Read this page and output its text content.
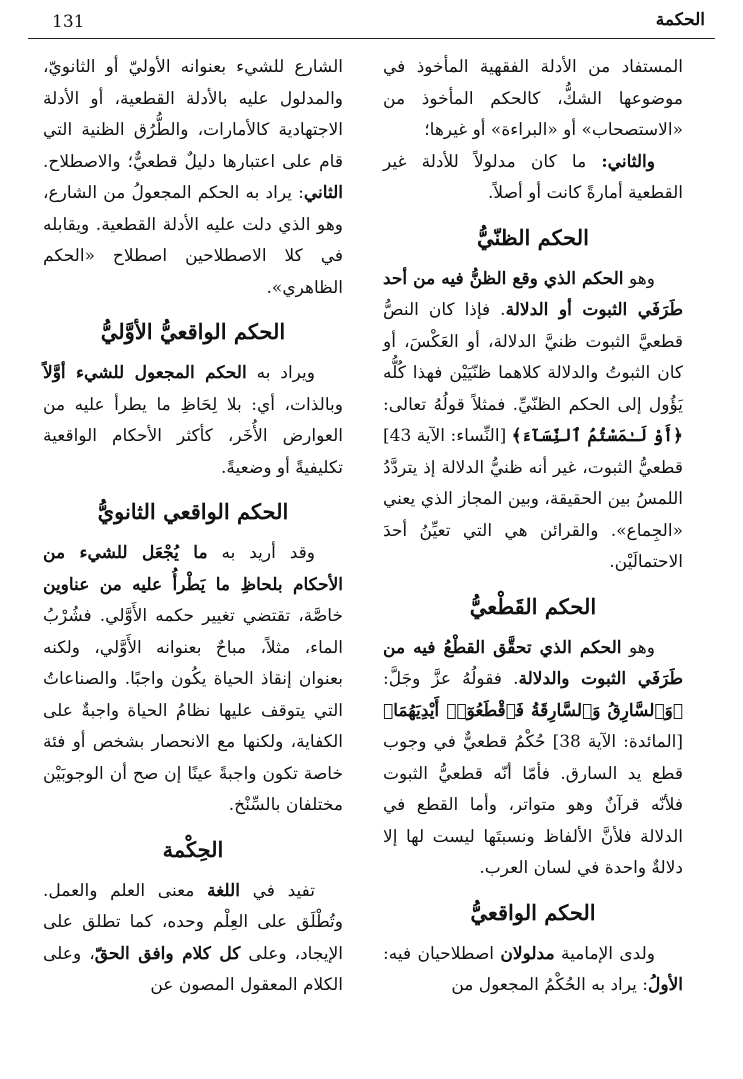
131	الحكمة

المستفاد من الأدلة الفقهية المأخوذ في موضوعها الشكُّ، كالحكم المأخوذ من «الاستصحاب» أو «البراءة» أو غيرها؛

والثاني: ما كان مدلولاً للأدلة غير القطعية أمارةً كانت أو أصلاً.

الحكم الظنّيُّ

وهو الحكم الذي وقع الظنُّ فيه من أحد طَرَفَي الثبوت أو الدلالة. فإذا كان النصُّ قطعيَّ الثبوت ظنيَّ الدلالة، أو العَكْسَ، أو كان الثبوتُ والدلالة كلاهما ظنّيَيْن فهذا كُلُّه يَؤُول إلى الحكم الظنّيِّ. فمثلاً قولُهُ تعالى: ﴿أَوْ لَـٰمَسْتُمُ ٱلنِّسَآءَ﴾ [النِّساء: الآية 43] قطعيُّ الثبوت، غير أنه ظنيُّ الدلالة إذ يتردَّدُ اللمسُ بين الحقيقة، وبين المجاز الذي يعني «الجِماع». والقرائن هي التي تعيِّنُ أحدَ الاحتمالَيْن.

الحكم القَطْعيُّ

وهو الحكم الذي تحقَّق القطْعُ فيه من طَرَفَي الثبوت والدلالة. فقولُهُ عزَّ وجَلَّ: ﴿وَٱلسَّارِقُ وَٱلسَّارِقَةُ فَٱقْطَعُوٓا۟ أَيْدِيَهُمَا﴾ [المائدة: الآية 38] حُكْمُ قطعيٌّ في وجوب قطع يد السارق. فأمّا أنّه قطعيُّ الثبوت فلأنّه قرآنٌ وهو متواتر، وأما القطع في الدلالة فلأنَّ الألفاظ ونسبتَها ليست لها إلا دلالةٌ واحدة في لسان العرب.

الحكم الواقعيُّ

ولدى الإمامية مدلولان اصطلاحيان فيه: الأولُ: يراد به الحُكْمُ المجعول من

الشارع للشيء بعنوانه الأوليّ أو الثانويّ، والمدلول عليه بالأدلة القطعية، أو الأدلة الاجتهادية كالأمارات، والطُّرُق الظنية التي قام على اعتبارها دليلٌ قطعيٌّ؛ والاصطلاح. الثاني: يراد به الحكم المجعولُ من الشارع، وهو الذي دلت عليه الأدلة القطعية. ويقابله في كلا الاصطلاحين اصطلاح «الحكم الظاهري».

الحكم الواقعيُّ الأوَّليُّ

ويراد به الحكم المجعول للشيء أوَّلاً وبالذات، أي: بلا لِحَاظِ ما يطرأ عليه من العوارض الأُخَر، كأكثر الأحكام الواقعية تكليفيةً أو وضعيةً.

الحكم الواقعي الثانويُّ

وقد أريد به ما يُجْعَل للشيء من الأحكام بلحاظِ ما يَطْرأُ عليه من عناوين خاصَّة، تقتضي تغيير حكمه الأَوَّلي. فشُرْبُ الماء، مثلاً، مباحٌ بعنوانه الأَوَّلي، ولكنه بعنوان إنقاذ الحياة يكُون واجبًا. والصناعاتُ التي يتوقف عليها نظامُ الحياة واجبةٌ على الكفاية، ولكنها مع الانحصار بشخص أو فئة خاصة تكون واجبةً عينًا إن صح أن الوجوبَيْن مختلفان بالسِّنْخ.

الحِكْمة

تفيد في اللغة معنى العلم والعمل. وتُطْلَق على العِلْم وحده، كما تطلق على الإيجاد، وعلى كل كلام وافق الحقّ، وعلى الكلام المعقول المصون عن
